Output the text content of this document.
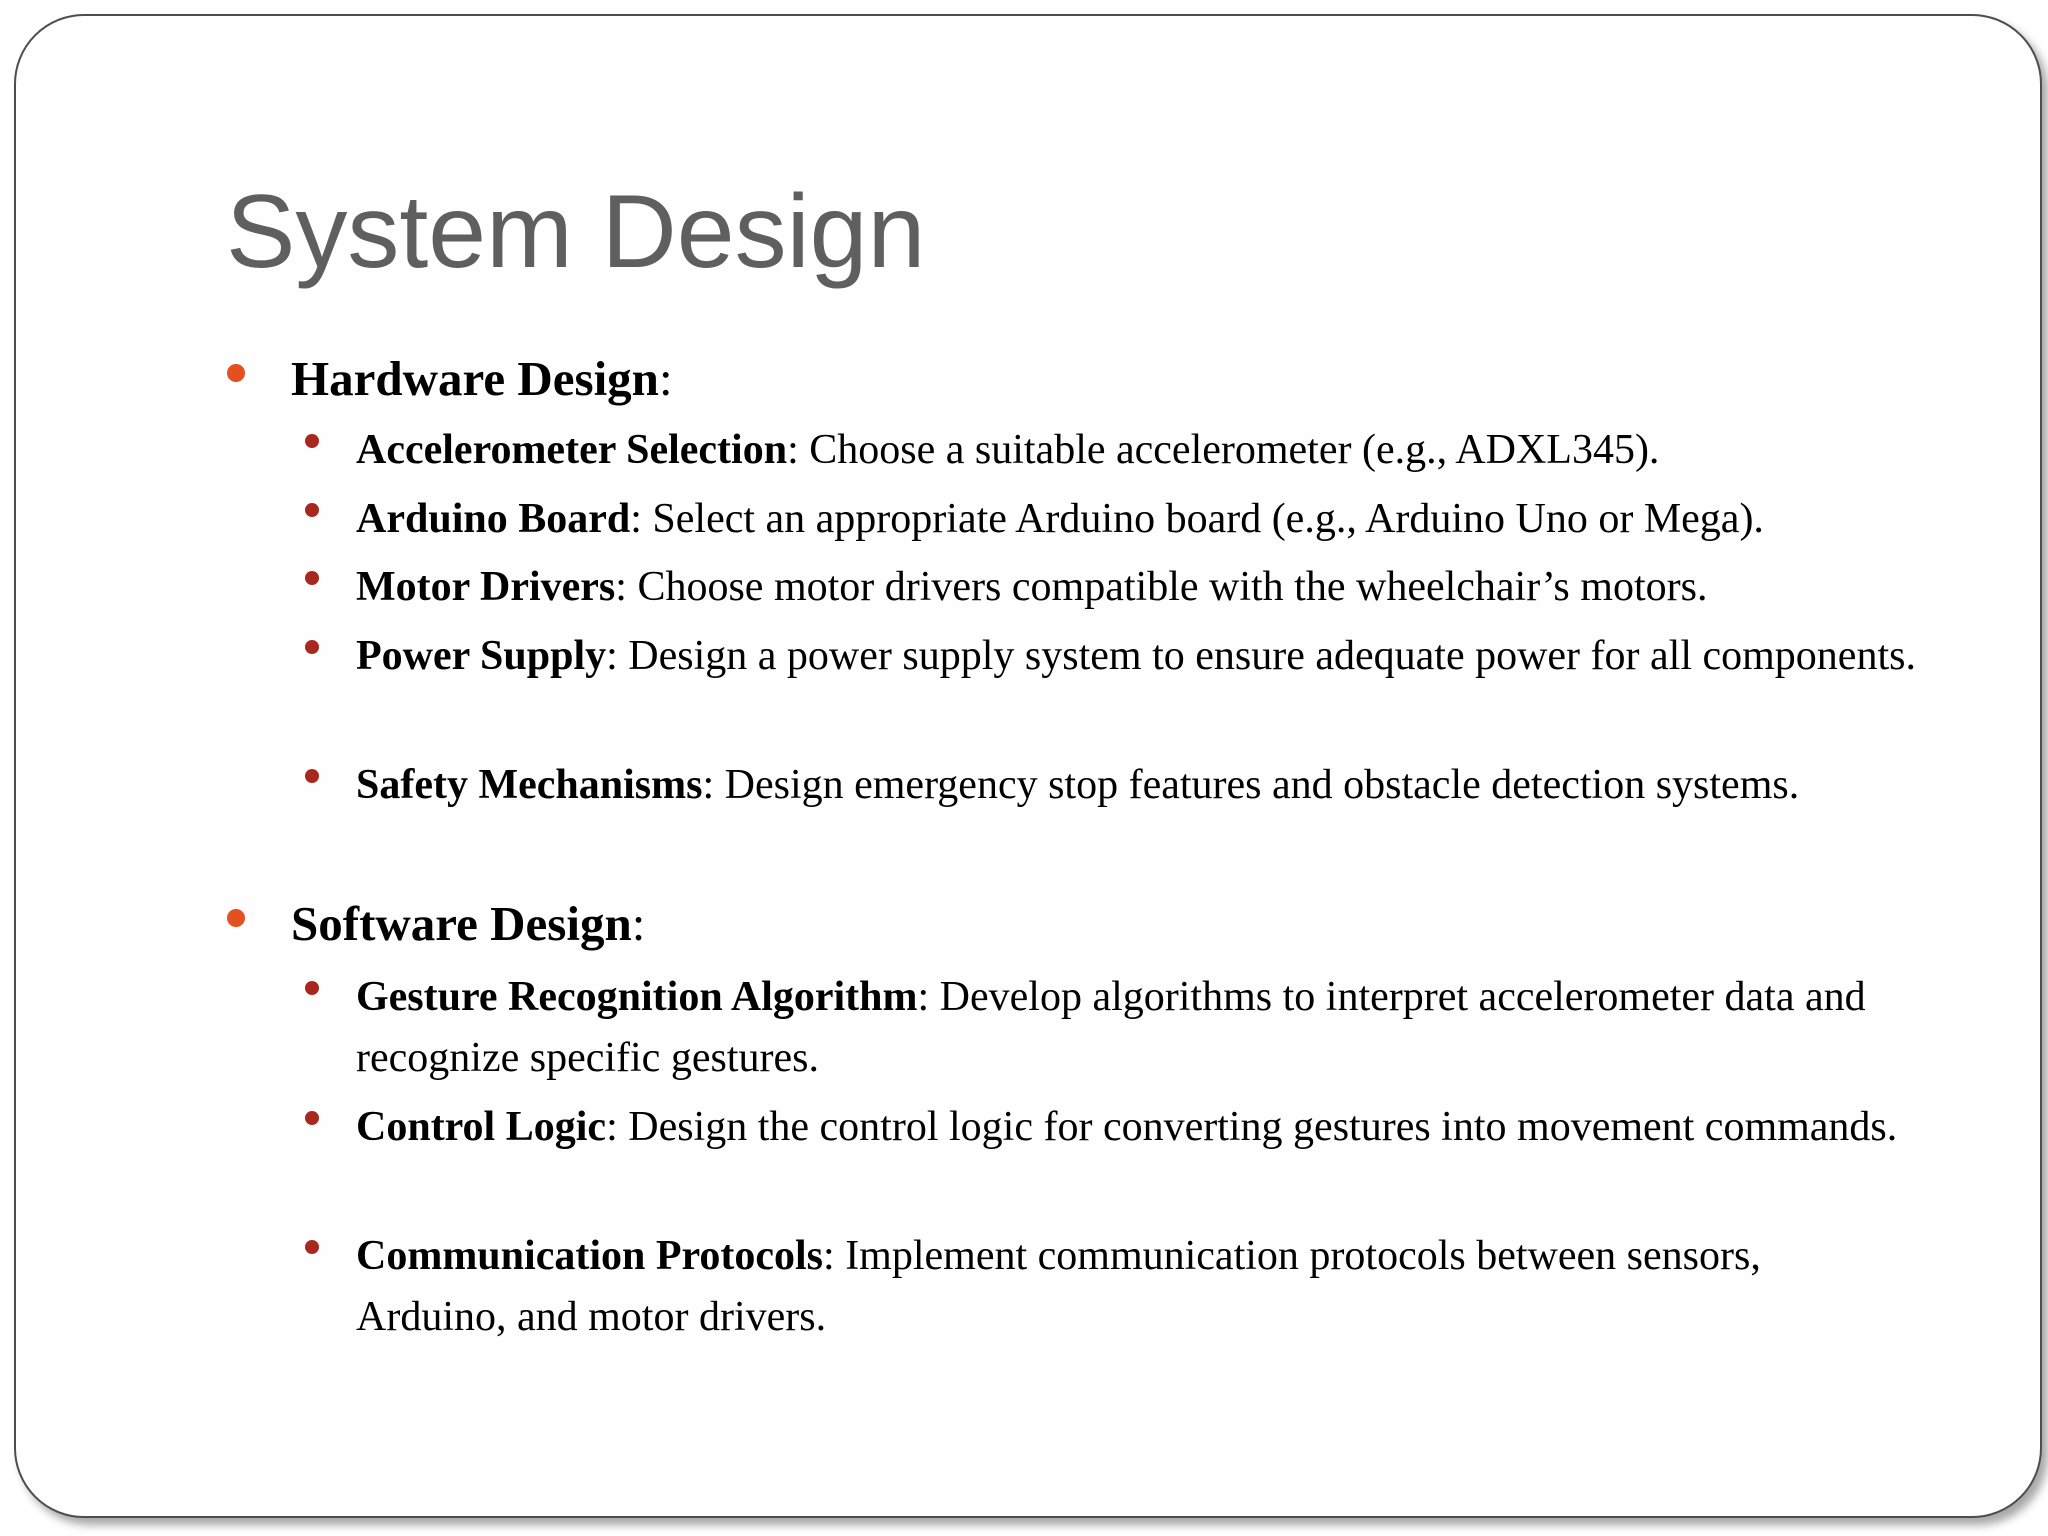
System Design
Hardware Design:
Accelerometer Selection: Choose a suitable accelerometer (e.g., ADXL345).
Arduino Board: Select an appropriate Arduino board (e.g., Arduino Uno or Mega).
Motor Drivers: Choose motor drivers compatible with the wheelchair’s motors.
Power Supply: Design a power supply system to ensure adequate power for all components.
Safety Mechanisms: Design emergency stop features and obstacle detection systems.
Software Design:
Gesture Recognition Algorithm: Develop algorithms to interpret accelerometer data and recognize specific gestures.
Control Logic: Design the control logic for converting gestures into movement commands.
Communication Protocols: Implement communication protocols between sensors, Arduino, and motor drivers.
